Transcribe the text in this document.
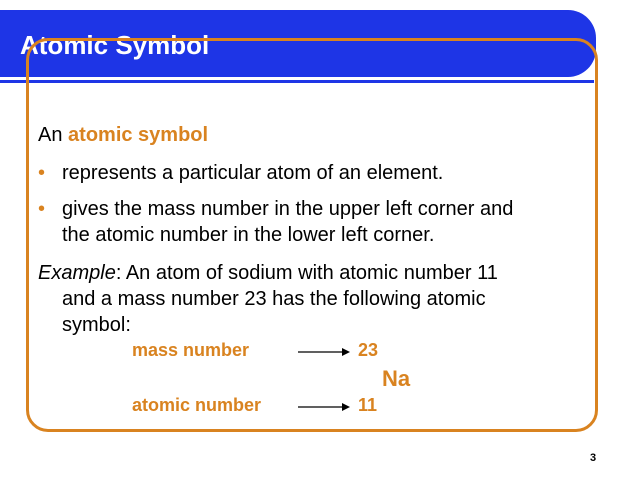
Atomic Symbol
An atomic symbol
• represents a particular atom of an element.
• gives the mass number in the upper left corner and
the atomic number in the lower left corner.
Example: An atom of sodium with atomic number 11
and a mass number 23 has the following atomic
symbol:
mass number	23
Na
atomic number	11
3
